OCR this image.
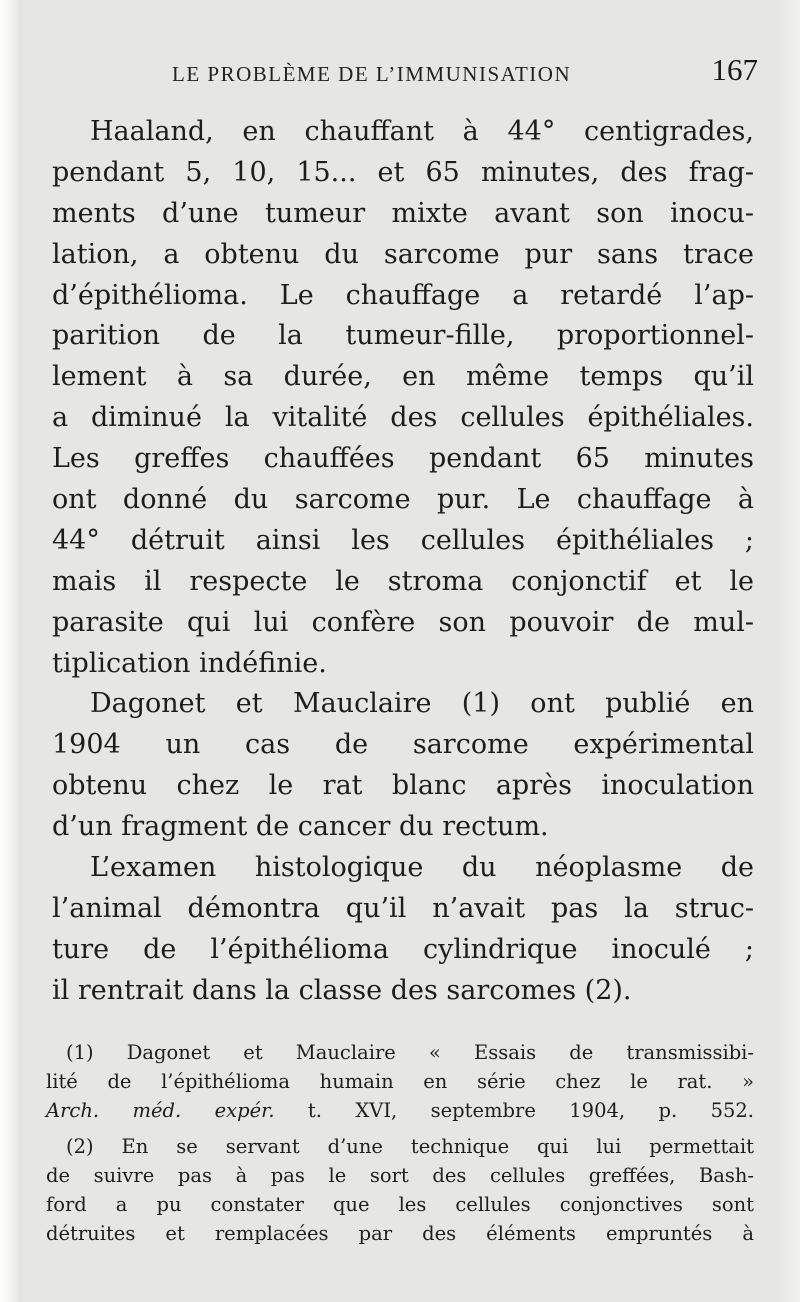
LE PROBLÈME DE L’IMMUNISATION	167
Haaland, en chauffant à 44° centigrades,
pendant 5, 10, 15... et 65 minutes, des frag-
ments d’une tumeur mixte avant son inocu-
lation, a obtenu du sarcome pur sans trace
d’épithélioma. Le chauffage a retardé l’ap-
parition de la tumeur-fille, proportionnel-
lement à sa durée, en même temps qu’il
a diminué la vitalité des cellules épithéliales.
Les greffes chauffées pendant 65 minutes
ont donné du sarcome pur. Le chauffage à
44° détruit ainsi les cellules épithéliales ;
mais il respecte le stroma conjonctif et le
parasite qui lui confère son pouvoir de mul-
tiplication indéfinie.
Dagonet et Mauclaire (1) ont publié en
1904 un cas de sarcome expérimental
obtenu chez le rat blanc après inoculation
d’un fragment de cancer du rectum.
L’examen histologique du néoplasme de
l’animal démontra qu’il n’avait pas la struc-
ture de l’épithélioma cylindrique inoculé ;
il rentrait dans la classe des sarcomes (2).
(1) Dagonet et Mauclaire « Essais de transmissibi-
lité de l’épithélioma humain en série chez le rat. »
Arch. méd. expér. t. XVI, septembre 1904, p. 552.
(2) En se servant d’une technique qui lui permettait
de suivre pas à pas le sort des cellules greffées, Bash-
ford a pu constater que les cellules conjonctives sont
détruites et remplacées par des éléments empruntés à
